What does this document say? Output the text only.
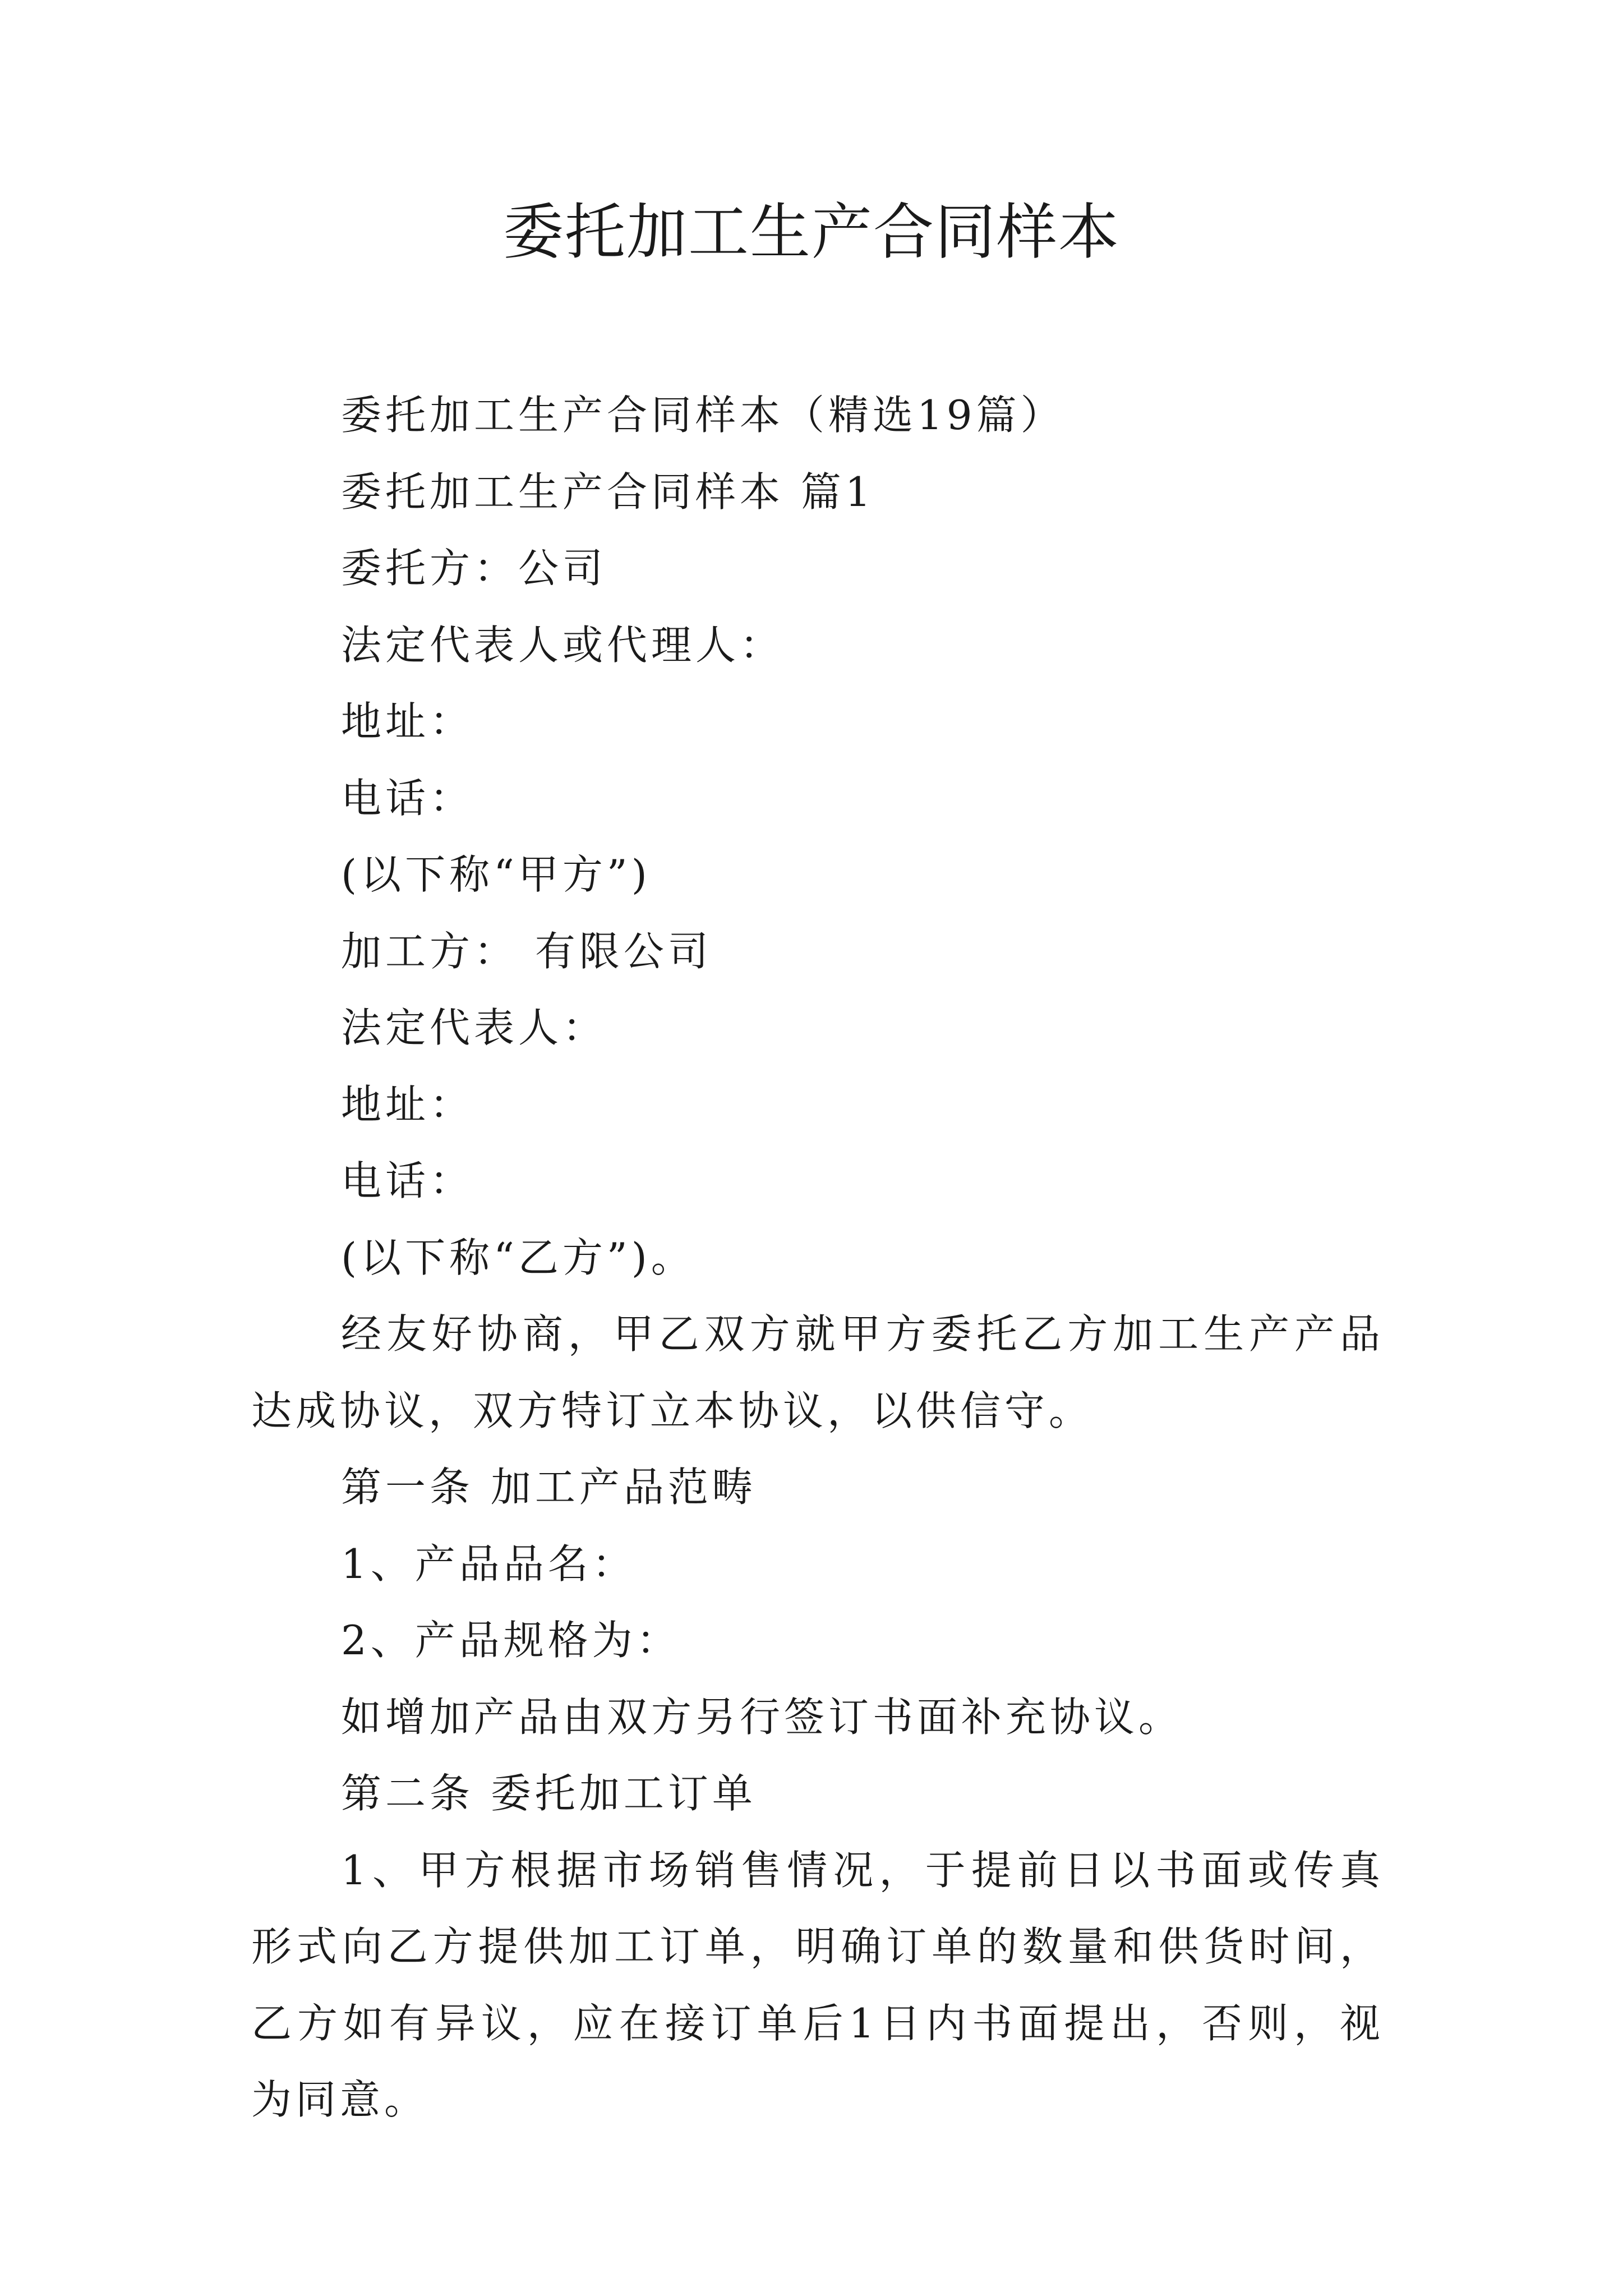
委托加工生产合同样本

委托加工生产合同样本（精选19篇）

委托加工生产合同样本 篇1

委托方：公司

法定代表人或代理人：

地址：

电话：

(以下称“甲方”)

加工方： 有限公司

法定代表人：

地址：

电话：

(以下称“乙方”)。

经友好协商，甲乙双方就甲方委托乙方加工生产产品达成协议，双方特订立本协议，以供信守。

第一条 加工产品范畴

1、产品品名：

2、产品规格为：

如增加产品由双方另行签订书面补充协议。

第二条 委托加工订单

1、甲方根据市场销售情况，于提前日以书面或传真形式向乙方提供加工订单，明确订单的数量和供货时间，乙方如有异议，应在接订单后1日内书面提出，否则，视为同意。
